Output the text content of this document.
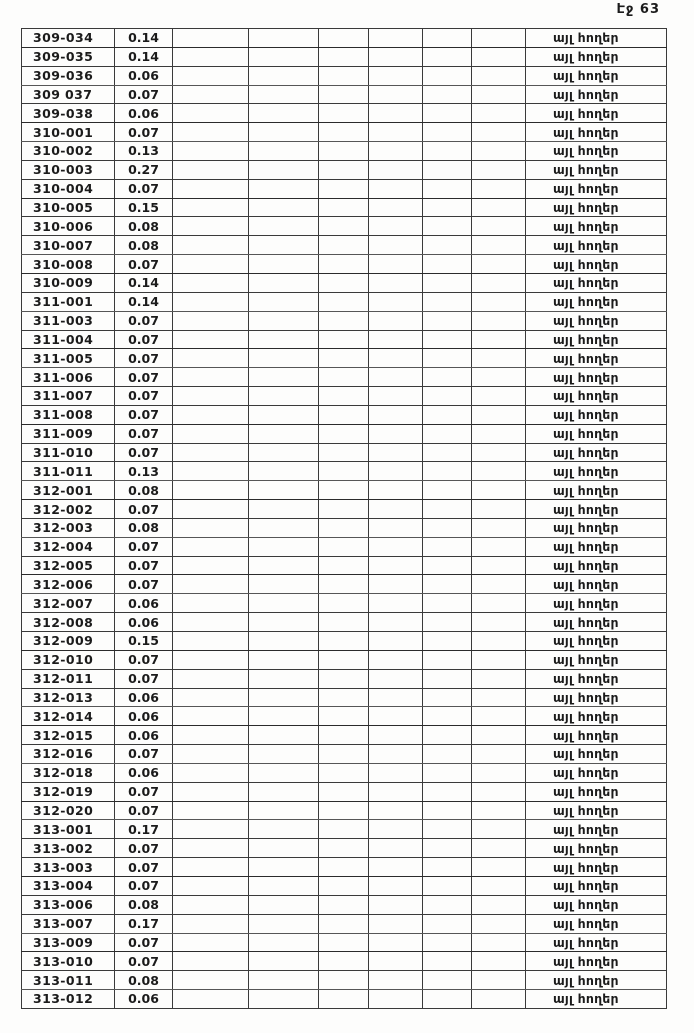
Էջ 63
309-034	0.14							այլ հողեր
309-035	0.14							այլ հողեր
309-036	0.06							այլ հողեր
309 037	0.07							այլ հողեր
309-038	0.06							այլ հողեր
310-001	0.07							այլ հողեր
310-002	0.13							այլ հողեր
310-003	0.27							այլ հողեր
310-004	0.07							այլ հողեր
310-005	0.15							այլ հողեր
310-006	0.08							այլ հողեր
310-007	0.08							այլ հողեր
310-008	0.07							այլ հողեր
310-009	0.14							այլ հողեր
311-001	0.14							այլ հողեր
311-003	0.07							այլ հողեր
311-004	0.07							այլ հողեր
311-005	0.07							այլ հողեր
311-006	0.07							այլ հողեր
311-007	0.07							այլ հողեր
311-008	0.07							այլ հողեր
311-009	0.07							այլ հողեր
311-010	0.07							այլ հողեր
311-011	0.13							այլ հողեր
312-001	0.08							այլ հողեր
312-002	0.07							այլ հողեր
312-003	0.08							այլ հողեր
312-004	0.07							այլ հողեր
312-005	0.07							այլ հողեր
312-006	0.07							այլ հողեր
312-007	0.06							այլ հողեր
312-008	0.06							այլ հողեր
312-009	0.15							այլ հողեր
312-010	0.07							այլ հողեր
312-011	0.07							այլ հողեր
312-013	0.06							այլ հողեր
312-014	0.06							այլ հողեր
312-015	0.06							այլ հողեր
312-016	0.07							այլ հողեր
312-018	0.06							այլ հողեր
312-019	0.07							այլ հողեր
312-020	0.07							այլ հողեր
313-001	0.17							այլ հողեր
313-002	0.07							այլ հողեր
313-003	0.07							այլ հողեր
313-004	0.07							այլ հողեր
313-006	0.08							այլ հողեր
313-007	0.17							այլ հողեր
313-009	0.07							այլ հողեր
313-010	0.07							այլ հողեր
313-011	0.08							այլ հողեր
313-012	0.06							այլ հողեր
